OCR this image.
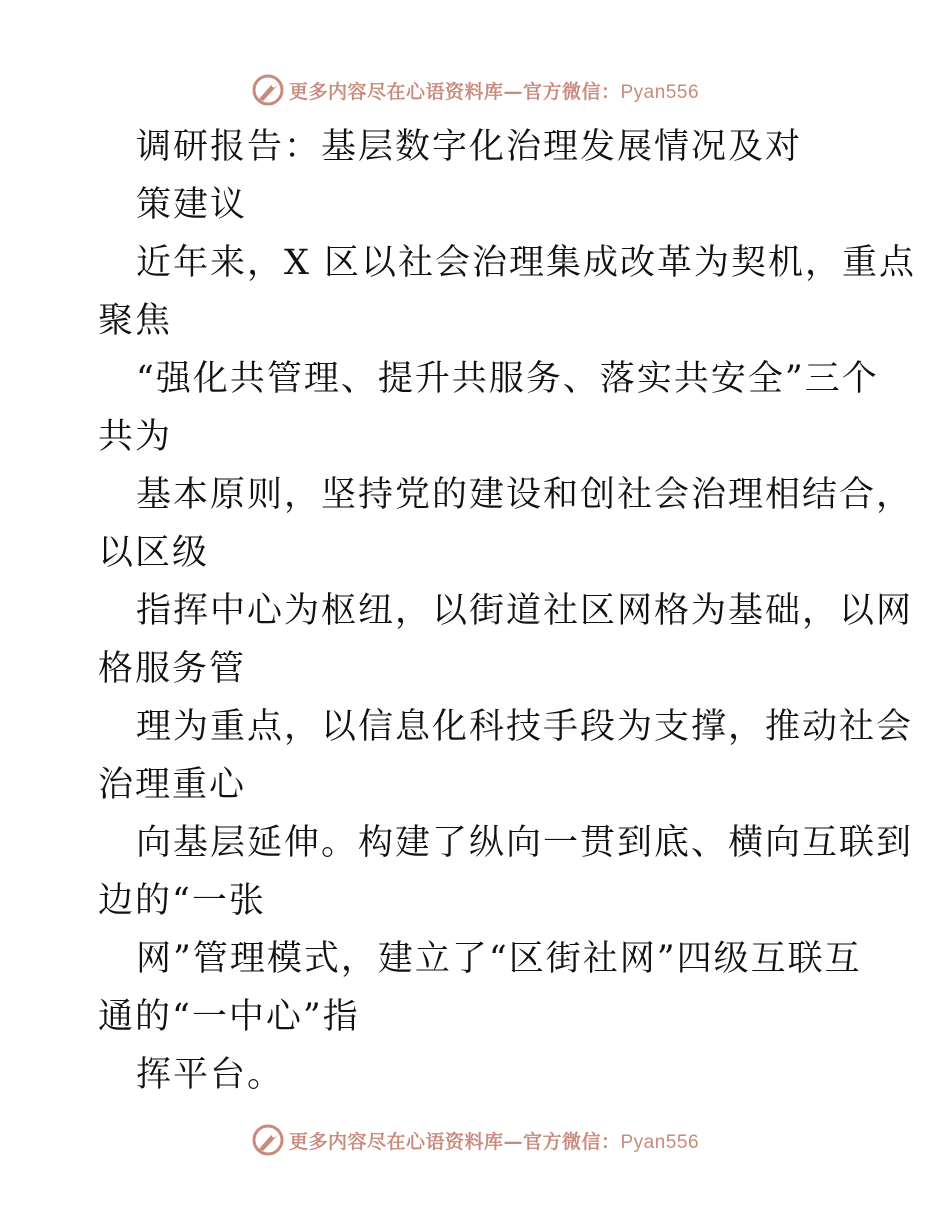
更多内容尽在心语资料库—官方微信：Pyan556
调研报告：基层数字化治理发展情况及对
策建议
近年来，X 区以社会治理集成改革为契机，重点
聚焦
“强化共管理、提升共服务、落实共安全”三个
共为
基本原则，坚持党的建设和创社会治理相结合，
以区级
指挥中心为枢纽，以街道社区网格为基础，以网
格服务管
理为重点，以信息化科技手段为支撑，推动社会
治理重心
向基层延伸。构建了纵向一贯到底、横向互联到
边的“一张
网”管理模式，建立了“区街社网”四级互联互
通的“一中心”指
挥平台。
更多内容尽在心语资料库—官方微信：Pyan556
